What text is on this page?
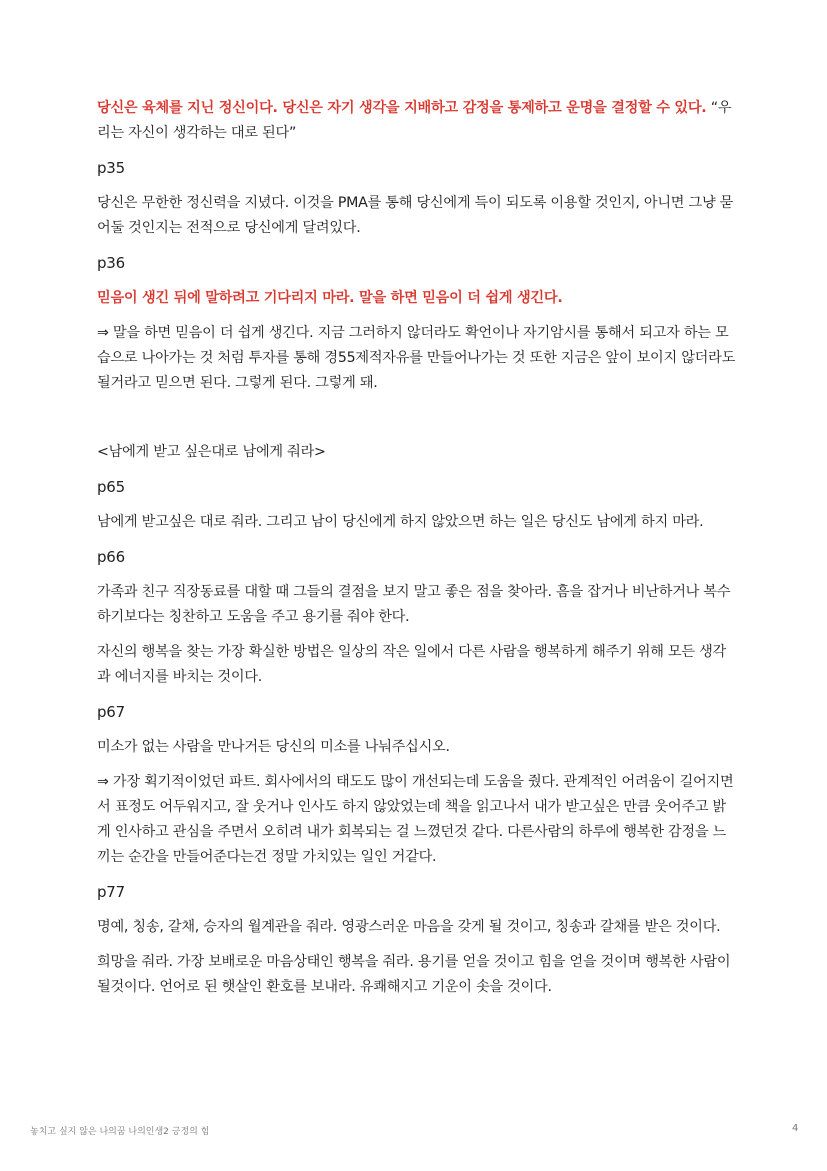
당신은 육체를 지닌 정신이다. 당신은 자기 생각을 지배하고 감정을 통제하고 운명을 결정할 수 있다. “우리는 자신이 생각하는 대로 된다”

p35

당신은 무한한 정신력을 지녔다. 이것을 PMA를 통해 당신에게 득이 되도록 이용할 것인지, 아니면 그냥 묻어둘 것인지는 전적으로 당신에게 달려있다.

p36

믿음이 생긴 뒤에 말하려고 기다리지 마라. 말을 하면 믿음이 더 쉽게 생긴다.

⇒ 말을 하면 믿음이 더 쉽게 생긴다. 지금 그러하지 않더라도 확언이나 자기암시를 통해서 되고자 하는 모습으로 나아가는 것 처럼 투자를 통해 경55제적자유를 만들어나가는 것 또한 지금은 앞이 보이지 않더라도 될거라고 믿으면 된다. 그렇게 된다. 그렇게 돼.

<남에게 받고 싶은대로 남에게 줘라>

p65

남에게 받고싶은 대로 줘라. 그리고 남이 당신에게 하지 않았으면 하는 일은 당신도 남에게 하지 마라.

p66

가족과 친구 직장동료를 대할 때 그들의 결점을 보지 말고 좋은 점을 찾아라. 흠을 잡거나 비난하거나 복수하기보다는 칭찬하고 도움을 주고 용기를 줘야 한다.

자신의 행복을 찾는 가장 확실한 방법은 일상의 작은 일에서 다른 사람을 행복하게 해주기 위해 모든 생각과 에너지를 바치는 것이다.

p67

미소가 없는 사람을 만나거든 당신의 미소를 나눠주십시오.

⇒ 가장 획기적이었던 파트. 회사에서의 태도도 많이 개선되는데 도움을 줬다. 관계적인 어려움이 길어지면서 표정도 어두워지고, 잘 웃거나 인사도 하지 않았었는데 책을 읽고나서 내가 받고싶은 만큼 웃어주고 밝게 인사하고 관심을 주면서 오히려 내가 회복되는 걸 느꼈던것 같다. 다른사람의 하루에 행복한 감정을 느끼는 순간을 만들어준다는건 정말 가치있는 일인 거같다.

p77

명예, 칭송, 갈채, 승자의 월계관을 줘라. 영광스러운 마음을 갖게 될 것이고, 칭송과 갈채를 받은 것이다.

희망을 줘라. 가장 보배로운 마음상태인 행복을 줘라. 용기를 얻을 것이고 힘을 얻을 것이며 행복한 사람이 될것이다. 언어로 된 햇살인 환호를 보내라. 유쾌해지고 기운이 솟을 것이다.

놓치고 싶지 않은 나의꿈 나의인생2 긍정의 힘	4
